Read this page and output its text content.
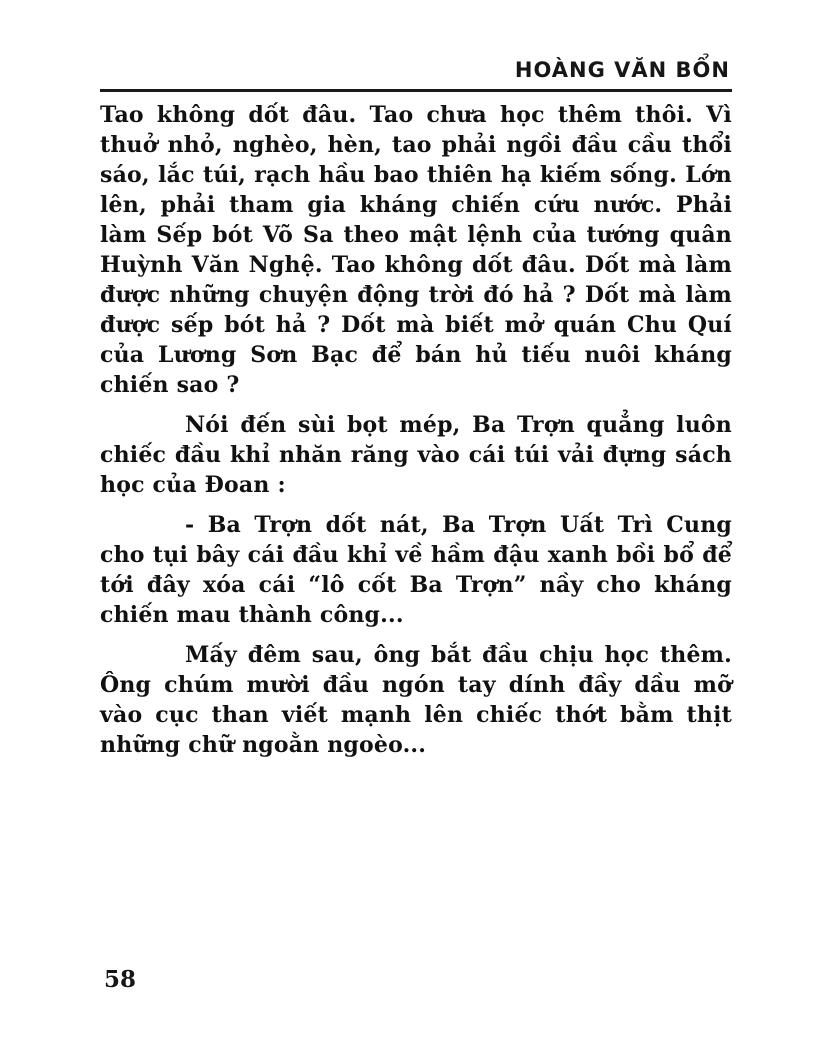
HOÀNG VĂN BỔN

Tao không dốt đâu. Tao chưa học thêm thôi. Vì thuở nhỏ, nghèo, hèn, tao phải ngồi đầu cầu thổi sáo, lắc túi, rạch hầu bao thiên hạ kiếm sống. Lớn lên, phải tham gia kháng chiến cứu nước. Phải làm Sếp bót Võ Sa theo mật lệnh của tướng quân Huỳnh Văn Nghệ. Tao không dốt đâu. Dốt mà làm được những chuyện động trời đó hả ? Dốt mà làm được sếp bót hả ? Dốt mà biết mở quán Chu Quí của Lương Sơn Bạc để bán hủ tiếu nuôi kháng chiến sao ?

Nói đến sùi bọt mép, Ba Trợn quẳng luôn chiếc đầu khỉ nhăn răng vào cái túi vải đựng sách học của Đoan :

- Ba Trợn dốt nát, Ba Trợn Uất Trì Cung cho tụi bây cái đầu khỉ về hầm đậu xanh bồi bổ để tới đây xóa cái “lô cốt Ba Trợn” nầy cho kháng chiến mau thành công...

Mấy đêm sau, ông bắt đầu chịu học thêm. Ông chúm mười đầu ngón tay dính đầy dầu mỡ vào cục than viết mạnh lên chiếc thớt bằm thịt những chữ ngoằn ngoèo...

58
